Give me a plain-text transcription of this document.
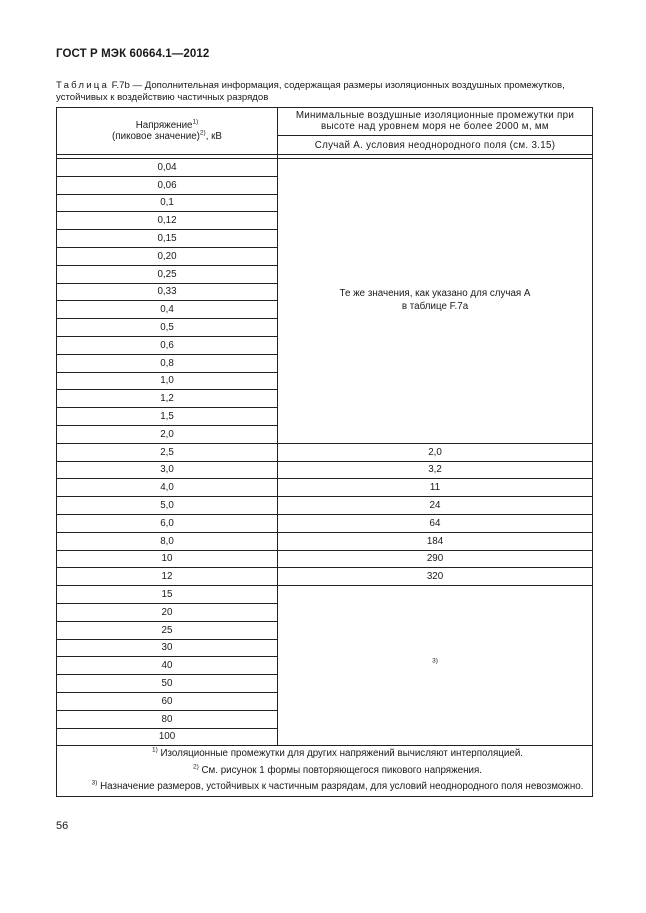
ГОСТ Р МЭК 60664.1—2012
Таблица F.7b — Дополнительная информация, содержащая размеры изоляционных воздушных промежутков, устойчивых к воздействию частичных разрядов
Напряжение$^{1)}$
(пиковое значение)$^{2)}$, кВ	Минимальные воздушные изоляционные промежутки при высоте над уровнем моря не более 2000 м, мм
	Случай А. условия неоднородного поля (см. 3.15)

0,04	Те же значения, как указано для случая А
в таблице F.7а

0,06	
0,1	
0,12	
0,15	
0,20	
0,25	
0,33	
0,4	
0,5	
0,6	
0,8	
1,0	
1,2	
1,5	
2,0	
2,5	2,0
3,0	3,2
4,0	11
5,0	24
6,0	64
8,0	184
10	290
12	320
15	$^{3)}$
20	
25	
30	
40	
50	
60	
80	
100	

$^{1)}$ Изоляционные промежутки для других напряжений вычисляют интерполяцией.
$^{2)}$ См. рисунок 1 формы повторяющегося пикового напряжения.
$^{3)}$ Назначение размеров, устойчивых к частичным разрядам, для условий неоднородного поля невозможно.	
56
